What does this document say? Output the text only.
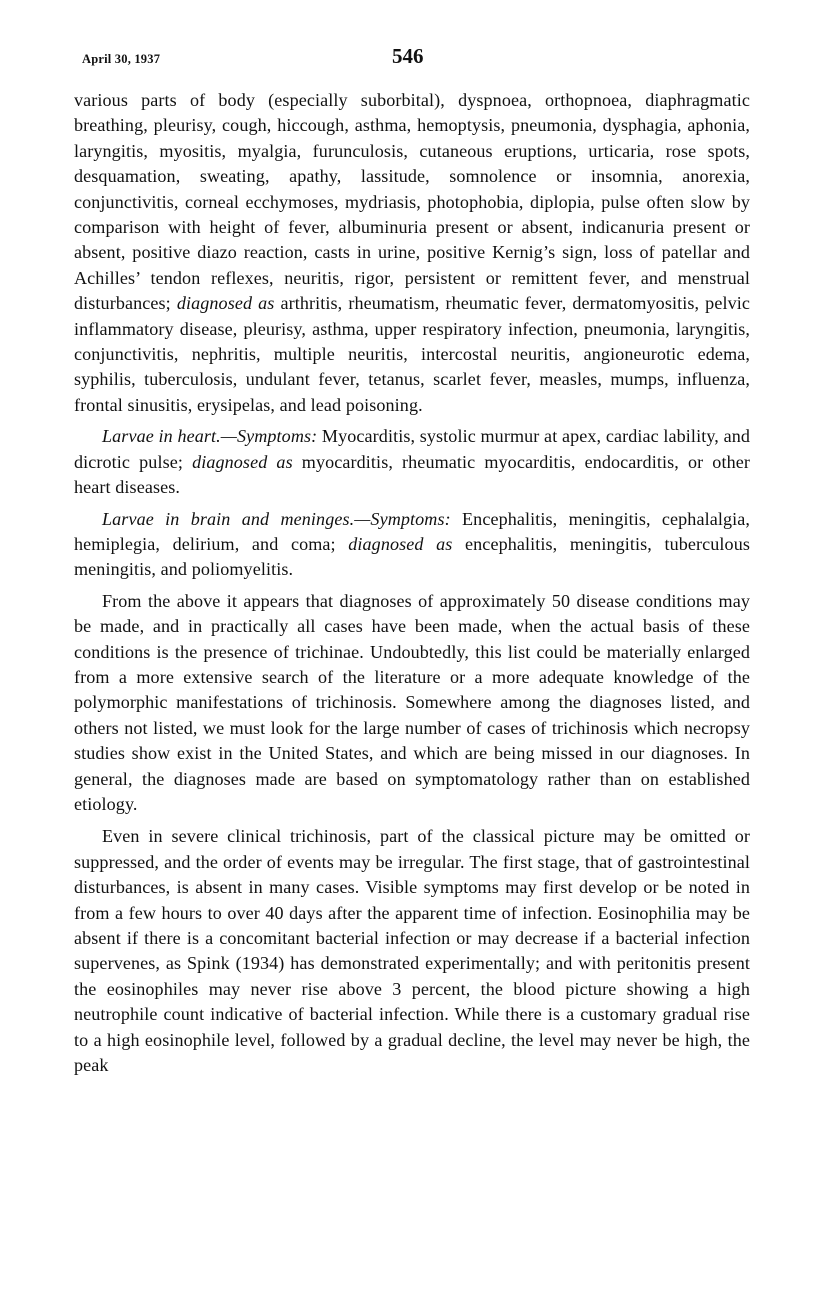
April 30, 1937	546

various parts of body (especially suborbital), dyspnoea, orthopnoea, diaphragmatic breathing, pleurisy, cough, hiccough, asthma, hemoptysis, pneumonia, dysphagia, aphonia, laryngitis, myositis, myalgia, furunculosis, cutaneous eruptions, urticaria, rose spots, desquamation, sweating, apathy, lassitude, somnolence or insomnia, anorexia, conjunctivitis, corneal ecchymoses, mydriasis, photophobia, diplopia, pulse often slow by comparison with height of fever, albuminuria present or absent, indicanuria present or absent, positive diazo reaction, casts in urine, positive Kernig’s sign, loss of patellar and Achilles’ tendon reflexes, neuritis, rigor, persistent or remittent fever, and menstrual disturbances; diagnosed as arthritis, rheumatism, rheumatic fever, dermatomyositis, pelvic inflammatory disease, pleurisy, asthma, upper respiratory infection, pneumonia, laryngitis, conjunctivitis, nephritis, multiple neuritis, intercostal neuritis, angioneurotic edema, syphilis, tuberculosis, undulant fever, tetanus, scarlet fever, measles, mumps, influenza, frontal sinusitis, erysipelas, and lead poisoning.

Larvae in heart.—Symptoms: Myocarditis, systolic murmur at apex, cardiac lability, and dicrotic pulse; diagnosed as myocarditis, rheumatic myocarditis, endocarditis, or other heart diseases.

Larvae in brain and meninges.—Symptoms: Encephalitis, meningitis, cephalalgia, hemiplegia, delirium, and coma; diagnosed as encephalitis, meningitis, tuberculous meningitis, and poliomyelitis.

From the above it appears that diagnoses of approximately 50 disease conditions may be made, and in practically all cases have been made, when the actual basis of these conditions is the presence of trichinae. Undoubtedly, this list could be materially enlarged from a more extensive search of the literature or a more adequate knowledge of the polymorphic manifestations of trichinosis. Somewhere among the diagnoses listed, and others not listed, we must look for the large number of cases of trichinosis which necropsy studies show exist in the United States, and which are being missed in our diagnoses. In general, the diagnoses made are based on symptomatology rather than on established etiology.

Even in severe clinical trichinosis, part of the classical picture may be omitted or suppressed, and the order of events may be irregular. The first stage, that of gastrointestinal disturbances, is absent in many cases. Visible symptoms may first develop or be noted in from a few hours to over 40 days after the apparent time of infection. Eosinophilia may be absent if there is a concomitant bacterial infection or may decrease if a bacterial infection supervenes, as Spink (1934) has demonstrated experimentally; and with peritonitis present the eosinophiles may never rise above 3 percent, the blood picture showing a high neutrophile count indicative of bacterial infection. While there is a customary gradual rise to a high eosinophile level, followed by a gradual decline, the level may never be high, the peak
